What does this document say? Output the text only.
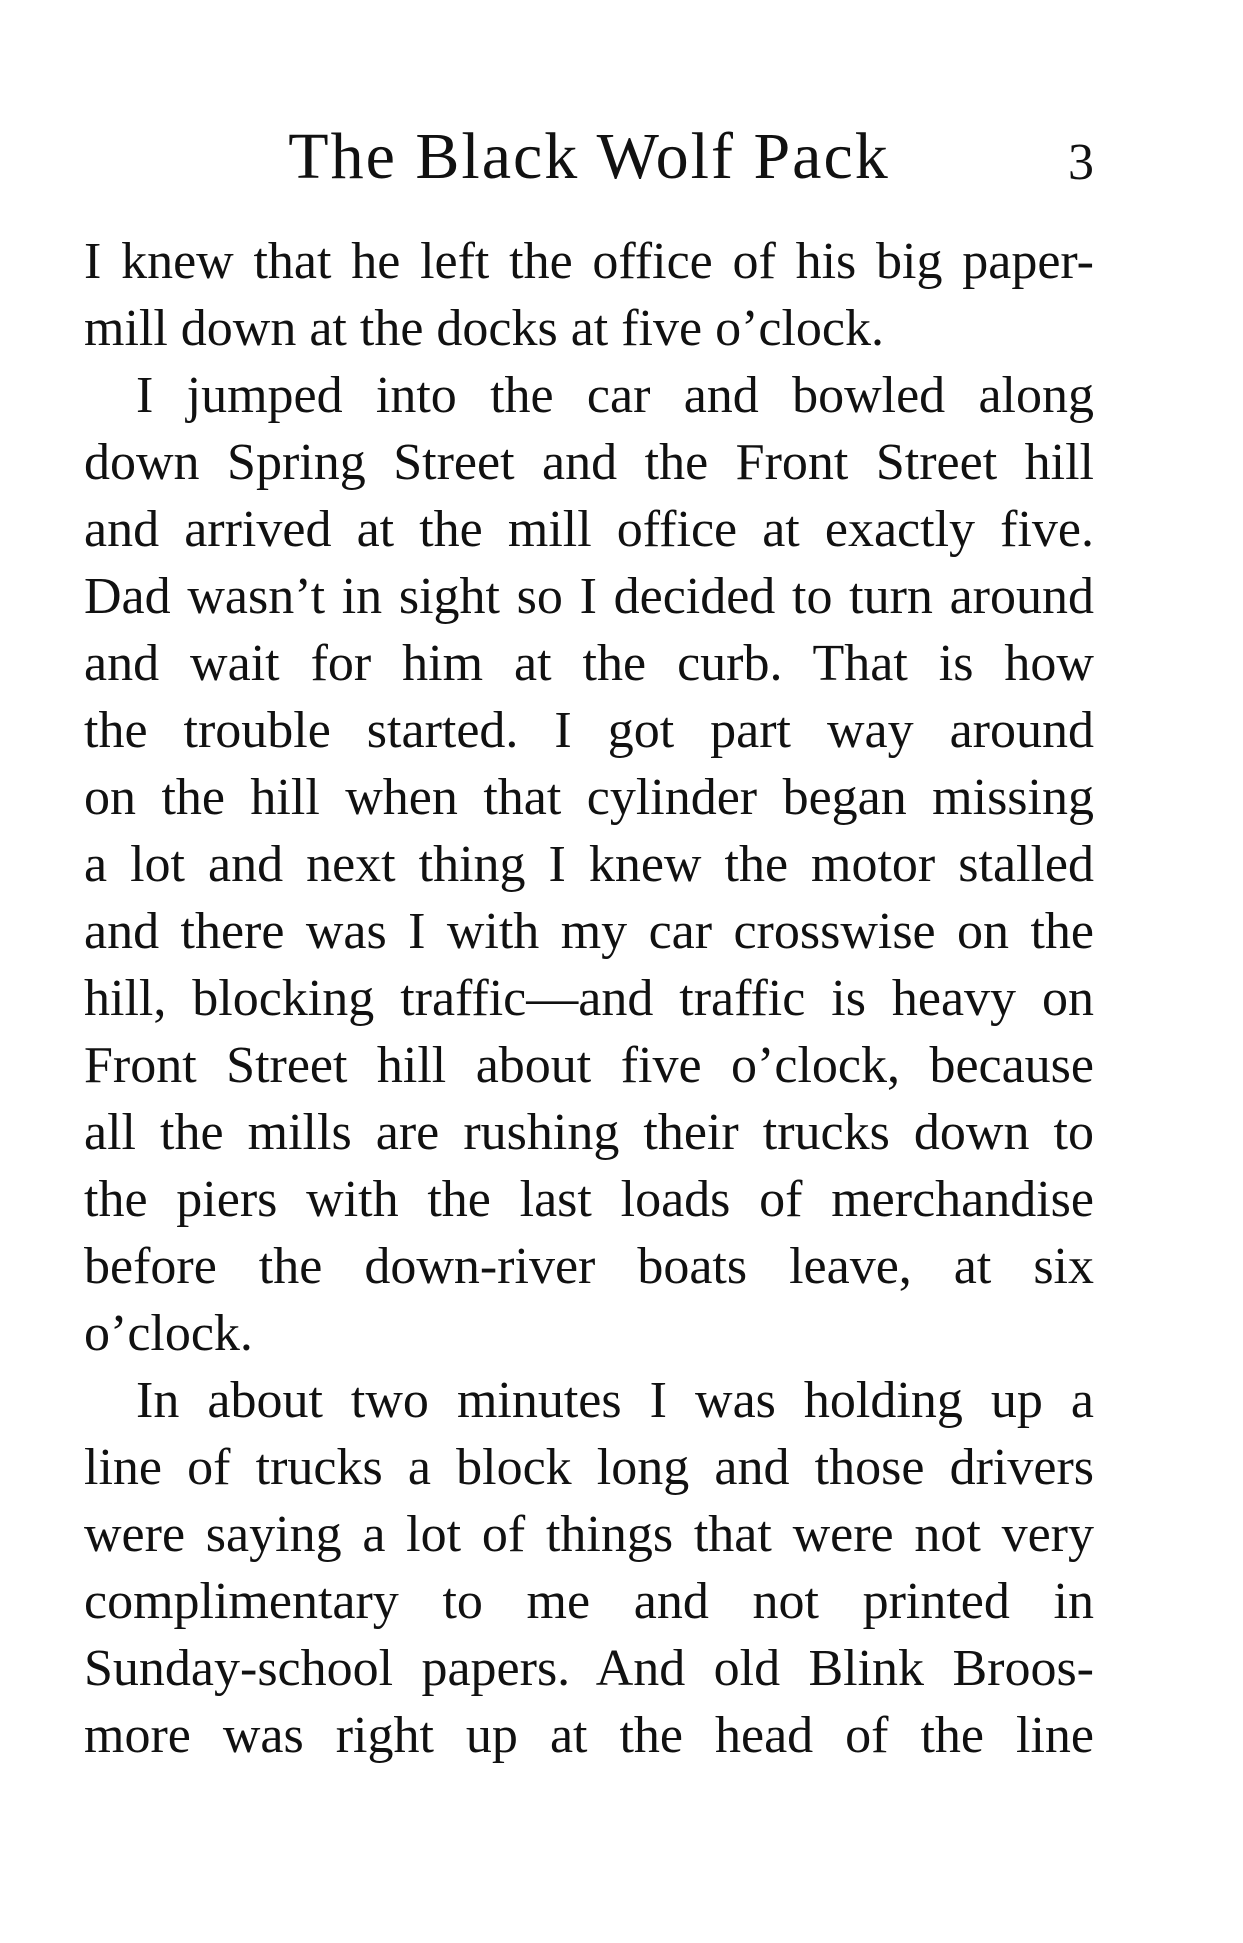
The Black Wolf Pack	3

I knew that he left the office of his big paper-
mill down at the docks at five o’clock.

I jumped into the car and bowled along
down Spring Street and the Front Street hill
and arrived at the mill office at exactly five.
Dad wasn’t in sight so I decided to turn around
and wait for him at the curb. That is how
the trouble started. I got part way around
on the hill when that cylinder began missing
a lot and next thing I knew the motor stalled
and there was I with my car crosswise on the
hill, blocking traffic—and traffic is heavy on
Front Street hill about five o’clock, because
all the mills are rushing their trucks down to
the piers with the last loads of merchandise
before the down-river boats leave, at six
o’clock.

In about two minutes I was holding up a
line of trucks a block long and those drivers
were saying a lot of things that were not very
complimentary to me and not printed in
Sunday-school papers. And old Blink Broos-
more was right up at the head of the line
